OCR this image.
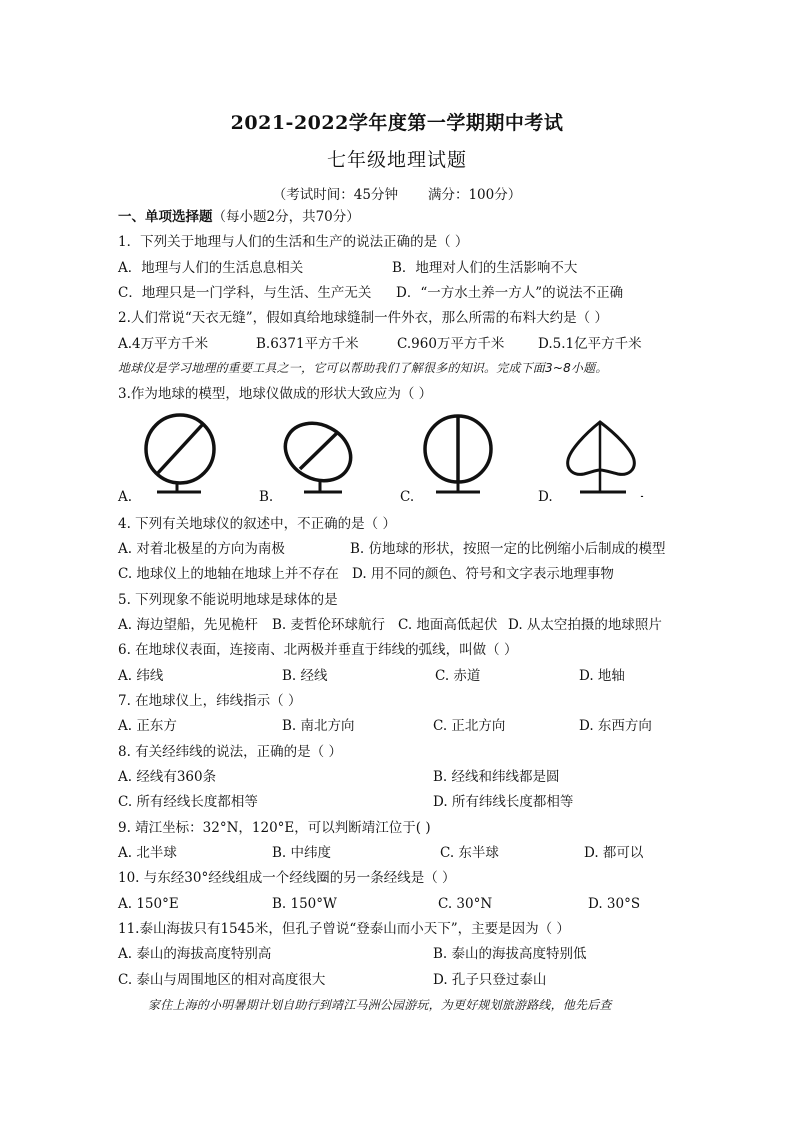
2021-2022学年度第一学期期中考试
七年级地理试题
（考试时间：45分钟 满分：100分）
一、单项选择题（每小题2分，共70分）
1．下列关于地理与人们的生活和生产的说法正确的是（ ）
A．地理与人们的生活息息相关	B．地理对人们的生活影响不大
C．地理只是一门学科，与生活、生产无关 D．“一方水土养一方人”的说法不正确
2.人们常说“天衣无缝”，假如真给地球缝制一件外衣，那么所需的布料大约是（ ）
A.4万平方千米	B.6371平方千米	C.960万平方千米 D.5.1亿平方千米
地球仪是学习地理的重要工具之一，它可以帮助我们了解很多的知识。完成下面3~8小题。
3.作为地球的模型，地球仪做成的形状大致应为（ ）
A.	B.	C.	D.
4. 下列有关地球仪的叙述中，不正确的是（ ）
A. 对着北极星的方向为南极	B. 仿地球的形状，按照一定的比例缩小后制成的模型
C. 地球仪上的地轴在地球上并不存在 D. 用不同的颜色、符号和文字表示地理事物
5. 下列现象不能说明地球是球体的是
A. 海边望船，先见桅杆 B. 麦哲伦环球航行 C. 地面高低起伏 D. 从太空拍摄的地球照片
6. 在地球仪表面，连接南、北两极并垂直于纬线的弧线，叫做（ ）
A. 纬线	B. 经线	C. 赤道	D. 地轴
7. 在地球仪上，纬线指示（ ）
A. 正东方	B. 南北方向	C. 正北方向	D. 东西方向
8. 有关经纬线的说法，正确的是（ ）
A. 经线有360条	B. 经线和纬线都是圆
C. 所有经线长度都相等	D. 所有纬线长度都相等
9. 靖江坐标：32°N，120°E，可以判断靖江位于( )
A. 北半球	B. 中纬度	C. 东半球	D. 都可以
10. 与东经30°经线组成一个经线圈的另一条经线是（ ）
A. 150°E	B. 150°W	C. 30°N	D. 30°S
11.泰山海拔只有1545米，但孔子曾说“登泰山而小天下”，主要是因为（ ）
A. 泰山的海拔高度特别高	B. 泰山的海拔高度特别低
C. 泰山与周围地区的相对高度很大	D. 孔子只登过泰山
家住上海的小明暑期计划自助行到靖江马洲公园游玩，为更好规划旅游路线，他先后查
